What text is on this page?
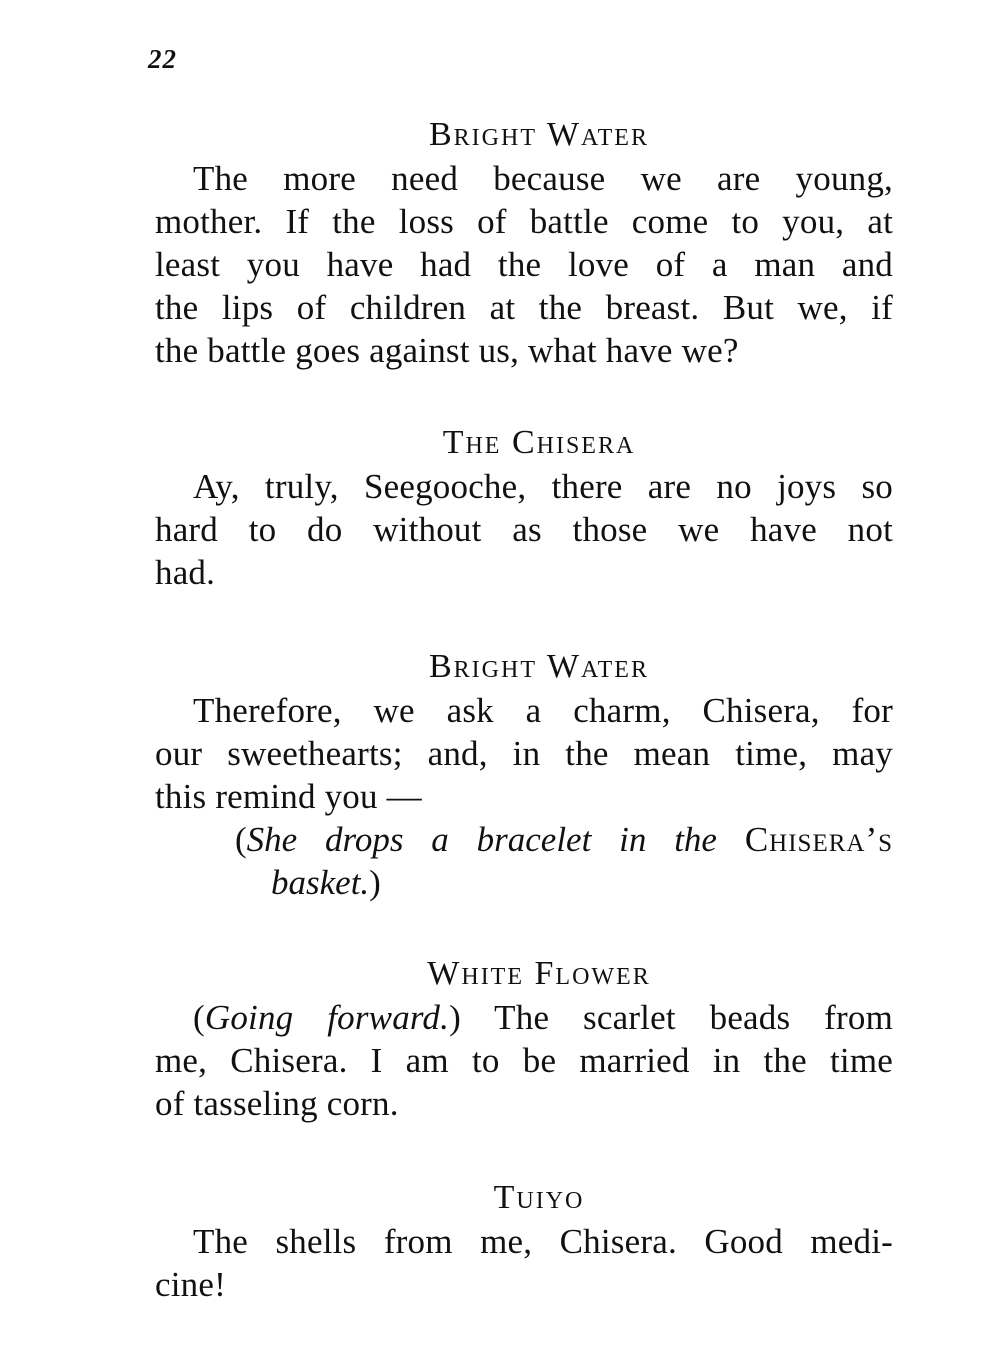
22

Bright Water

The more need because we are young,
mother. If the loss of battle come to you, at
least you have had the love of a man and
the lips of children at the breast. But we, if
the battle goes against us, what have we?

The Chisera

Ay, truly, Seegooche, there are no joys so
hard to do without as those we have not
had.

Bright Water

Therefore, we ask a charm, Chisera, for
our sweethearts; and, in the mean time, may
this remind you —

(She drops a bracelet in the Chisera’s
basket.)

White Flower

(Going forward.) The scarlet beads from
me, Chisera. I am to be married in the time
of tasseling corn.

Tuiyo

The shells from me, Chisera. Good medi-
cine!
